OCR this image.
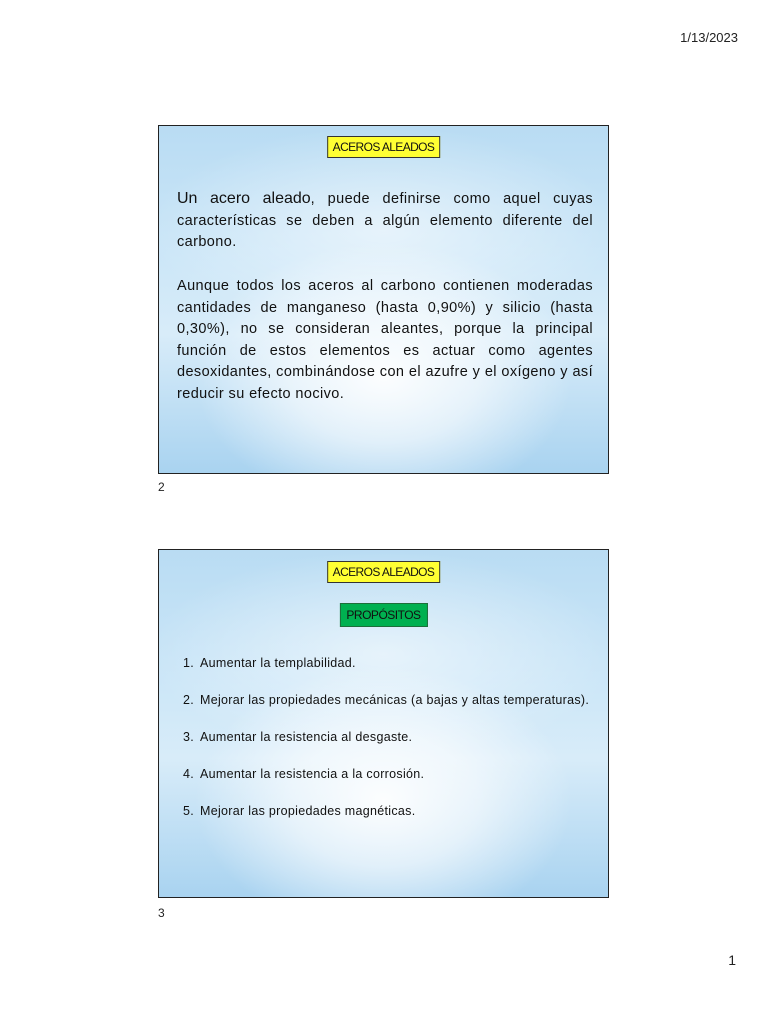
1/13/2023
ACEROS ALEADOS

Un acero aleado, puede definirse como aquel cuyas características se deben a algún elemento diferente del carbono.

Aunque todos los aceros al carbono contienen moderadas cantidades de manganeso (hasta 0,90%) y silicio (hasta 0,30%), no se consideran aleantes, porque la principal función de estos elementos es actuar como agentes desoxidantes, combinándose con el azufre y el oxígeno y así reducir su efecto nocivo.

2
ACEROS ALEADOS
PROPÓSITOS
1. Aumentar la templabilidad.
2. Mejorar las propiedades mecánicas (a bajas y altas temperaturas).
3. Aumentar la resistencia al desgaste.
4. Aumentar la resistencia a la corrosión.
5. Mejorar las propiedades magnéticas.
3
1
